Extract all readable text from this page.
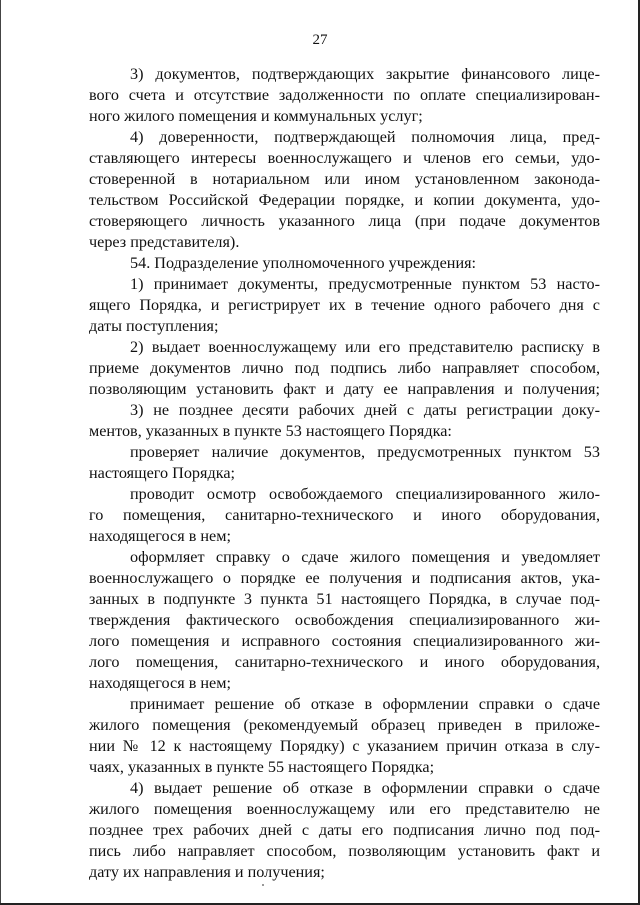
27
3) документов, подтверждающих закрытие финансового лице-
вого счета и отсутствие задолженности по оплате специализирован-
ного жилого помещения и коммунальных услуг;
4) доверенности, подтверждающей полномочия лица, пред-
ставляющего интересы военнослужащего и членов его семьи, удо-
стоверенной в нотариальном или ином установленном законода-
тельством Российской Федерации порядке, и копии документа, удо-
стоверяющего личность указанного лица (при подаче документов
через представителя).
54. Подразделение уполномоченного учреждения:
1) принимает документы, предусмотренные пунктом 53 насто-
ящего Порядка, и регистрирует их в течение одного рабочего дня с
даты поступления;
2) выдает военнослужащему или его представителю расписку в
приеме документов лично под подпись либо направляет способом,
позволяющим установить факт и дату ее направления и получения;
3) не позднее десяти рабочих дней с даты регистрации доку-
ментов, указанных в пункте 53 настоящего Порядка:
проверяет наличие документов, предусмотренных пунктом 53
настоящего Порядка;
проводит осмотр освобождаемого специализированного жило-
го помещения, санитарно-технического и иного оборудования,
находящегося в нем;
оформляет справку о сдаче жилого помещения и уведомляет
военнослужащего о порядке ее получения и подписания актов, ука-
занных в подпункте 3 пункта 51 настоящего Порядка, в случае под-
тверждения фактического освобождения специализированного жи-
лого помещения и исправного состояния специализированного жи-
лого помещения, санитарно-технического и иного оборудования,
находящегося в нем;
принимает решение об отказе в оформлении справки о сдаче
жилого помещения (рекомендуемый образец приведен в приложе-
нии № 12 к настоящему Порядку) с указанием причин отказа в слу-
чаях, указанных в пункте 55 настоящего Порядка;
4) выдает решение об отказе в оформлении справки о сдаче
жилого помещения военнослужащему или его представителю не
позднее трех рабочих дней с даты его подписания лично под под-
пись либо направляет способом, позволяющим установить факт и
дату их направления и получения;
